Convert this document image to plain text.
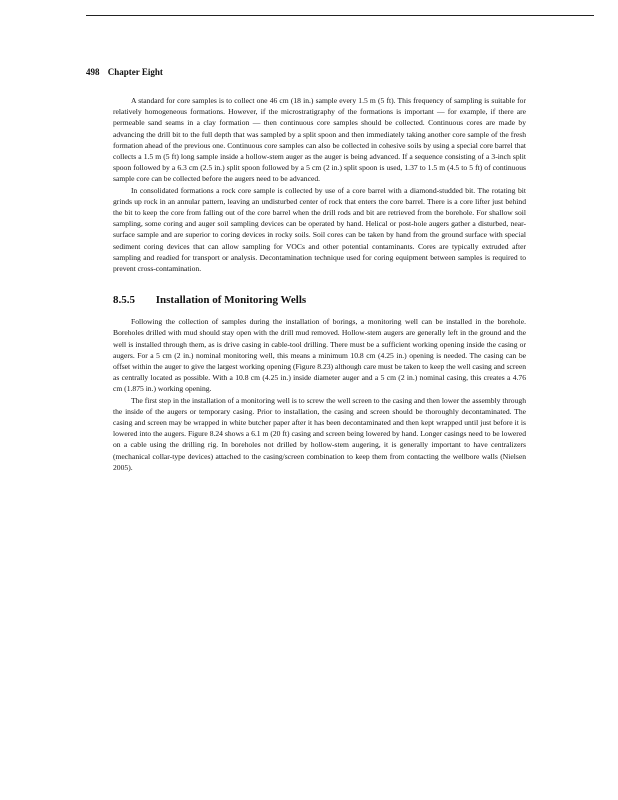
498 Chapter Eight

A standard for core samples is to collect one 46 cm (18 in.) sample every 1.5 m (5 ft). This frequency of sampling is suitable for relatively homogeneous formations. However, if the microstratigraphy of the formations is important — for example, if there are permeable sand seams in a clay formation — then continuous core samples should be collected. Continuous cores are made by advancing the drill bit to the full depth that was sampled by a split spoon and then immediately taking another core sample of the fresh formation ahead of the previous one. Continuous core samples can also be collected in cohesive soils by using a special core barrel that collects a 1.5 m (5 ft) long sample inside a hollow-stem auger as the auger is being advanced. If a sequence consisting of a 3-inch split spoon followed by a 6.3 cm (2.5 in.) split spoon followed by a 5 cm (2 in.) split spoon is used, 1.37 to 1.5 m (4.5 to 5 ft) of continuous sample core can be collected before the augers need to be advanced.

In consolidated formations a rock core sample is collected by use of a core barrel with a diamond-studded bit. The rotating bit grinds up rock in an annular pattern, leaving an undisturbed center of rock that enters the core barrel. There is a core lifter just behind the bit to keep the core from falling out of the core barrel when the drill rods and bit are retrieved from the borehole. For shallow soil sampling, some coring and auger soil sampling devices can be operated by hand. Helical or post-hole augers gather a disturbed, near-surface sample and are superior to coring devices in rocky soils. Soil cores can be taken by hand from the ground surface with special sediment coring devices that can allow sampling for VOCs and other potential contaminants. Cores are typically extruded after sampling and readied for transport or analysis. Decontamination technique used for coring equipment between samples is required to prevent cross-contamination.

8.5.5 Installation of Monitoring Wells

Following the collection of samples during the installation of borings, a monitoring well can be installed in the borehole. Boreholes drilled with mud should stay open with the drill mud removed. Hollow-stem augers are generally left in the ground and the well is installed through them, as is drive casing in cable-tool drilling. There must be a sufficient working opening inside the casing or augers. For a 5 cm (2 in.) nominal monitoring well, this means a minimum 10.8 cm (4.25 in.) opening is needed. The casing can be offset within the auger to give the largest working opening (Figure 8.23) although care must be taken to keep the well casing and screen as centrally located as possible. With a 10.8 cm (4.25 in.) inside diameter auger and a 5 cm (2 in.) nominal casing, this creates a 4.76 cm (1.875 in.) working opening.

The first step in the installation of a monitoring well is to screw the well screen to the casing and then lower the assembly through the inside of the augers or temporary casing. Prior to installation, the casing and screen should be thoroughly decontaminated. The casing and screen may be wrapped in white butcher paper after it has been decontaminated and then kept wrapped until just before it is lowered into the augers. Figure 8.24 shows a 6.1 m (20 ft) casing and screen being lowered by hand. Longer casings need to be lowered on a cable using the drilling rig. In boreholes not drilled by hollow-stem augering, it is generally important to have centralizers (mechanical collar-type devices) attached to the casing/screen combination to keep them from contacting the wellbore walls (Nielsen 2005).
